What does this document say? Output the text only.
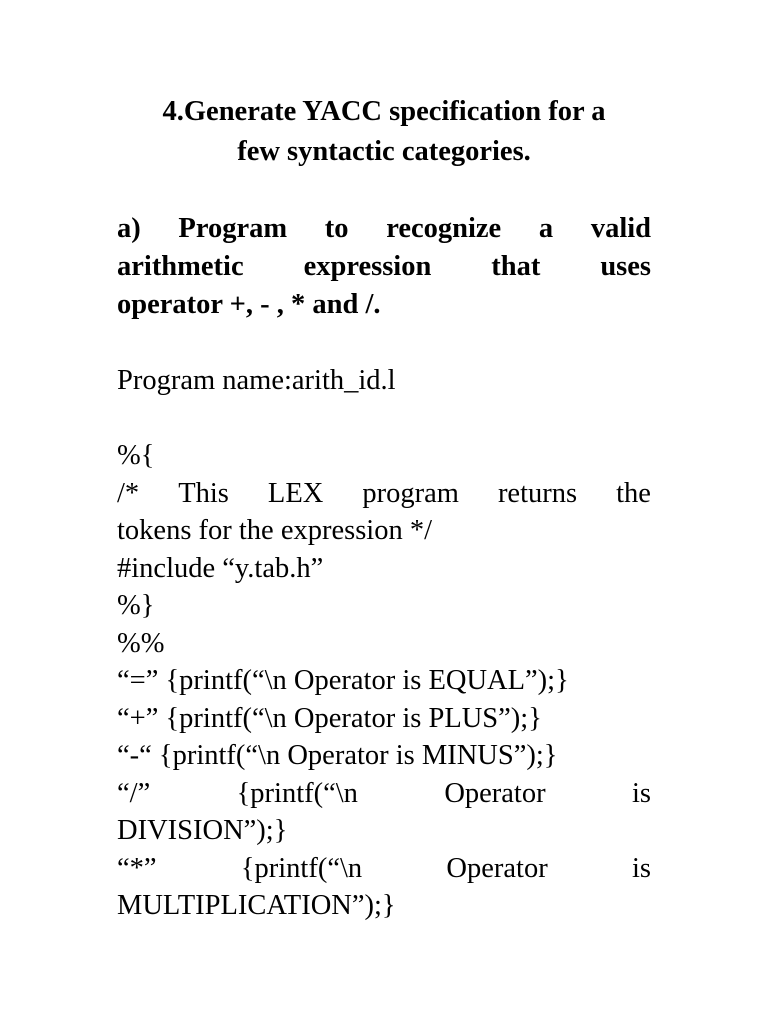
4.Generate YACC specification for a
few syntactic categories.
a) Program to recognize a valid
arithmetic expression that uses
operator +, - , * and /.
Program name:arith_id.l
%{
/* This LEX program returns the
tokens for the expression */
#include “y.tab.h”
%}
%%
“=” {printf(“\n Operator is EQUAL”);}
“+” {printf(“\n Operator is PLUS”);}
“-“ {printf(“\n Operator is MINUS”);}
“/”	{printf(“\n	Operator	is
DIVISION”);}
“*”	{printf(“\n	Operator	is
MULTIPLICATION”);}
